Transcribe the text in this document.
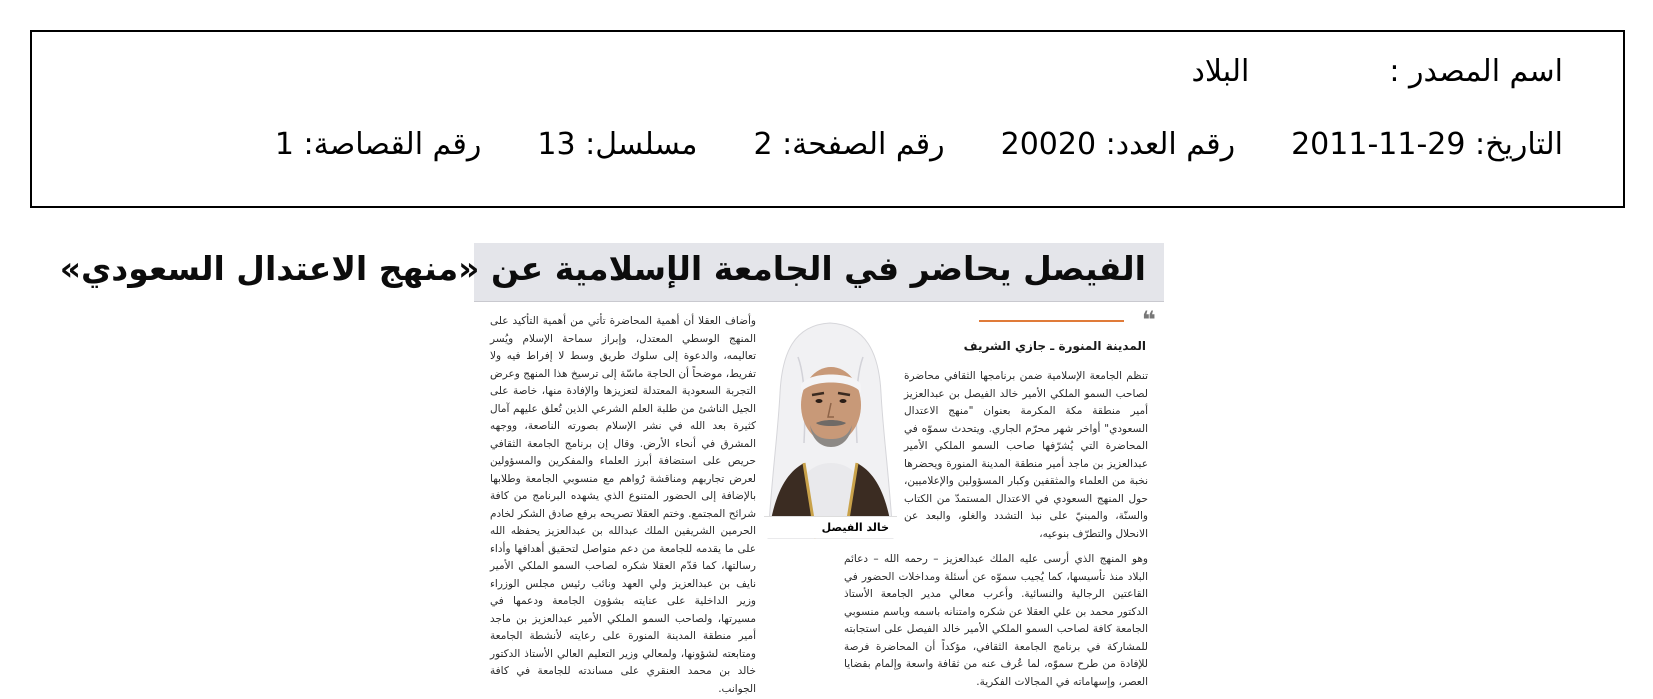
اسم المصدر :البلاد
التاريخ: 29-11-2011رقم العدد: 20020رقم الصفحة: 2مسلسل: 13رقم القصاصة: 1
الفيصل يحاضر في الجامعة الإسلامية عن «منهج الاعتدال السعودي»
❝
المدينة المنورة ـ جازي الشريف

تنظم الجامعة الإسلامية ضمن برنامجها الثقافي محاضرة لصاحب السمو الملكي الأمير خالد الفيصل بن عبدالعزيز أمير منطقة مكة المكرمة بعنوان "منهج الاعتدال السعودي" أواخر شهر محرّم الجاري. ويتحدث سموّه في المحاضرة التي يُشرّفها صاحب السمو الملكي الأمير عبدالعزيز بن ماجد أمير منطقة المدينة المنورة ويحضرها نخبة من العلماء والمثقفين وكبار المسؤولين والإعلاميين، حول المنهج السعودي في الاعتدال المستمدّ من الكتاب والسنّة، والمبنيّ على نبذ التشدد والغلو، والبعد عن الانحلال والتطرّف بنوعيه،

خالد الفيصل

وهو المنهج الذي أرسى عليه الملك عبدالعزيز – رحمه الله – دعائم البلاد منذ تأسيسها، كما يُجيب سموّه عن أسئلة ومداخلات الحضور في القاعتين الرجالية والنسائية. وأعرب معالي مدير الجامعة الأستاذ الدكتور محمد بن علي العقلا عن شكره وامتنانه باسمه وباسم منسوبي الجامعة كافة لصاحب السمو الملكي الأمير خالد الفيصل على استجابته للمشاركة في برنامج الجامعة الثقافي، مؤكداً أن المحاضرة فرصة للإفادة من طرح سموّه، لما عُرف عنه من ثقافة واسعة وإلمام بقضايا العصر، وإسهاماته في المجالات الفكرية.

وأضاف العقلا أن أهمية المحاضرة تأتي من أهمية التأكيد على المنهج الوسطي المعتدل، وإبراز سماحة الإسلام ويُسر تعاليمه، والدعوة إلى سلوك طريق وسط لا إفراط فيه ولا تفريط، موضحاً أن الحاجة ماسّة إلى ترسيخ هذا المنهج وعرض التجربة السعودية المعتدلة لتعزيزها والإفادة منها، خاصة على الجيل الناشئ من طلبة العلم الشرعي الذين تُعلق عليهم آمال كثيرة بعد الله في نشر الإسلام بصورته الناصعة، ووجهه المشرق في أنحاء الأرض. وقال إن برنامج الجامعة الثقافي حريص على استضافة أبرز العلماء والمفكرين والمسؤولين لعرض تجاربهم ومناقشة رُواهم مع منسوبي الجامعة وطلابها بالإضافة إلى الحضور المتنوع الذي يشهده البرنامج من كافة شرائح المجتمع. وختم العقلا تصريحه برفع صادق الشكر لخادم الحرمين الشريفين الملك عبدالله بن عبدالعزيز يحفظه الله على ما يقدمه للجامعة من دعم متواصل لتحقيق أهدافها وأداء رسالتها، كما قدّم العقلا شكره لصاحب السمو الملكي الأمير نايف بن عبدالعزيز ولي العهد ونائب رئيس مجلس الوزراء وزير الداخلية على عنايته بشؤون الجامعة ودعمها في مسيرتها، ولصاحب السمو الملكي الأمير عبدالعزيز بن ماجد أمير منطقة المدينة المنورة على رعايته لأنشطة الجامعة ومتابعته لشؤونها، ولمعالي وزير التعليم العالي الأستاذ الدكتور خالد بن محمد العنقري على مساندته للجامعة في كافة الجوانب.
